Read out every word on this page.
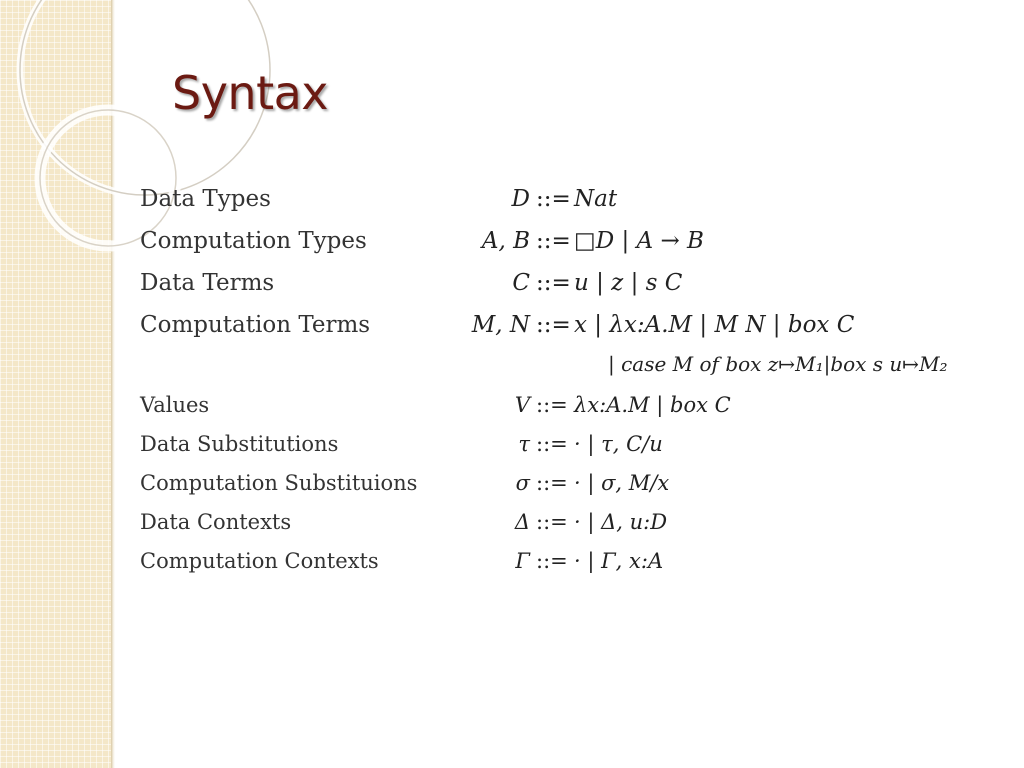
Syntax
Data Types	D ::= Nat
Computation Types	A, B ::= □D | A → B
Data Terms	C ::= u | z | s C
Computation Terms	M, N ::= x | λx:A.M | M N | box C
| case M of box z↦M₁|box s u↦M₂
Values	V ::= λx:A.M | box C
Data Substitutions	τ ::= · | τ, C/u
Computation Substituions	σ ::= · | σ, M/x
Data Contexts	Δ ::= · | Δ, u:D
Computation Contexts	Γ ::= · | Γ, x:A
